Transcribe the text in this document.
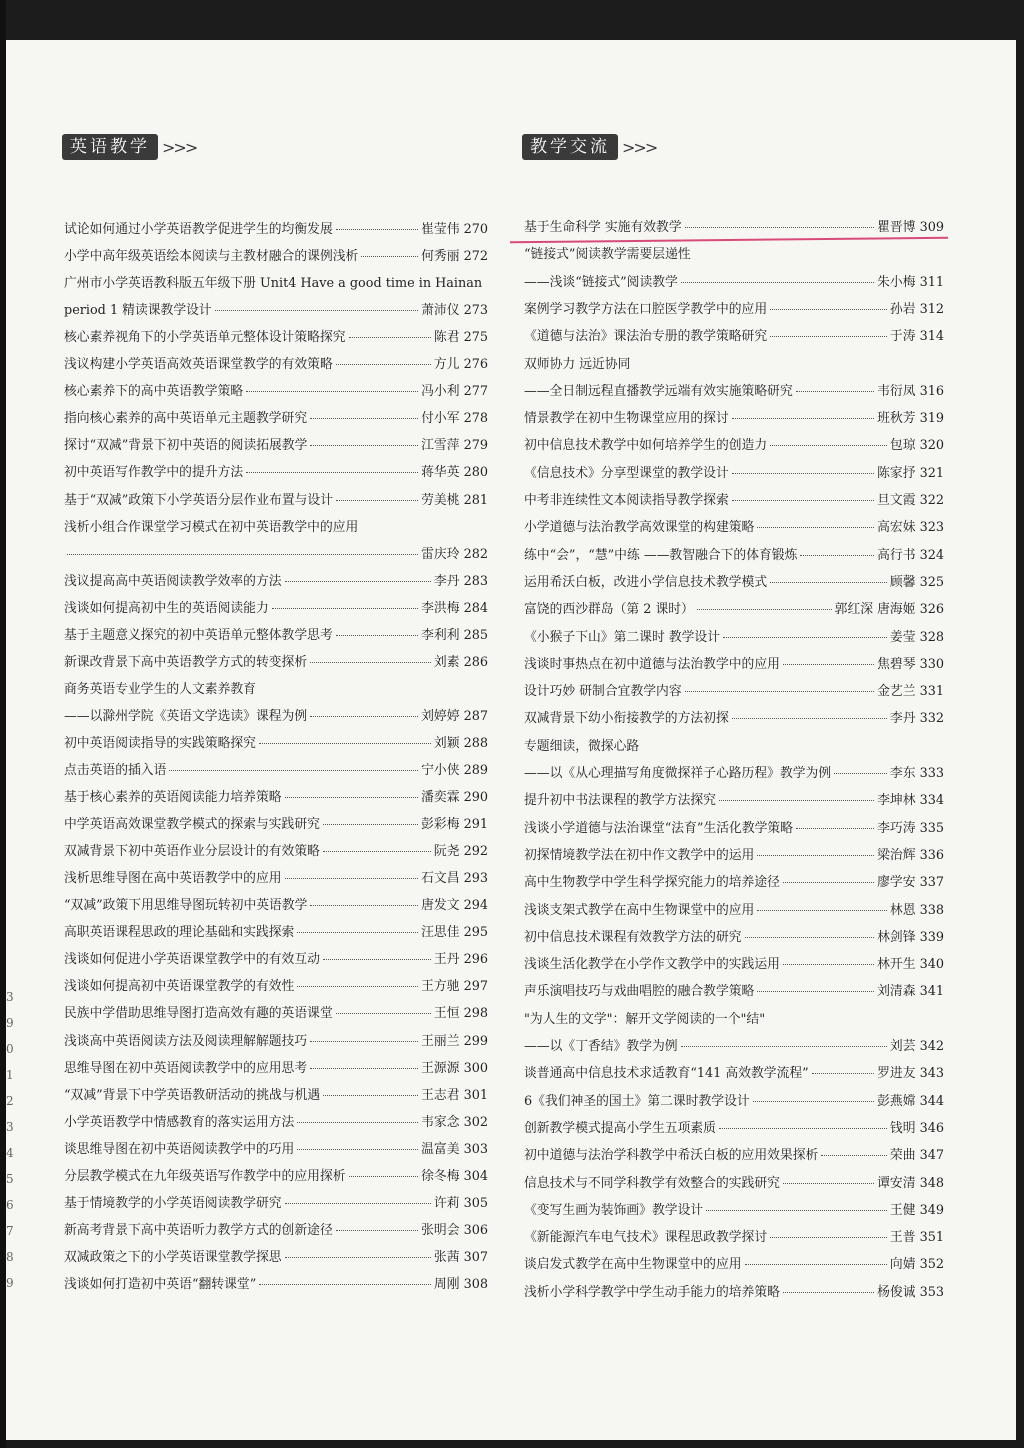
3
9
0
1
2
3
4
5
6
7
8
9
英语教学 >>>	教学交流 >>>
试论如何通过小学英语教学促进学生的均衡发展	崔莹伟 270
小学中高年级英语绘本阅读与主教材融合的课例浅析	何秀丽 272
广州市小学英语教科版五年级下册 Unit4 Have a good time in Hainan
period 1 精读课教学设计	萧沛仪 273
核心素养视角下的小学英语单元整体设计策略探究	陈君 275
浅议构建小学英语高效英语课堂教学的有效策略	方儿 276
核心素养下的高中英语教学策略	冯小利 277
指向核心素养的高中英语单元主题教学研究	付小军 278
探讨“双减”背景下初中英语的阅读拓展教学	江雪萍 279
初中英语写作教学中的提升方法	蒋华英 280
基于“双减”政策下小学英语分层作业布置与设计	劳美桃 281
浅析小组合作课堂学习模式在初中英语教学中的应用
雷庆玲 282
浅议提高高中英语阅读教学效率的方法	李丹 283
浅谈如何提高初中生的英语阅读能力	李洪梅 284
基于主题意义探究的初中英语单元整体教学思考	李利利 285
新课改背景下高中英语教学方式的转变探析	刘素 286
商务英语专业学生的人文素养教育
——以滁州学院《英语文学选读》课程为例	刘婷婷 287
初中英语阅读指导的实践策略探究	刘颖 288
点击英语的插入语	宁小侠 289
基于核心素养的英语阅读能力培养策略	潘奕霖 290
中学英语高效课堂教学模式的探索与实践研究	彭彩梅 291
双减背景下初中英语作业分层设计的有效策略	阮尧 292
浅析思维导图在高中英语教学中的应用	石文昌 293
“双减”政策下用思维导图玩转初中英语教学	唐发文 294
高职英语课程思政的理论基础和实践探索	汪思佳 295
浅谈如何促进小学英语课堂教学中的有效互动	王丹 296
浅谈如何提高初中英语课堂教学的有效性	王方驰 297
民族中学借助思维导图打造高效有趣的英语课堂	王恒 298
浅谈高中英语阅读方法及阅读理解解题技巧	王丽兰 299
思维导图在初中英语阅读教学中的应用思考	王源源 300
“双减”背景下中学英语教研活动的挑战与机遇	王志君 301
小学英语教学中情感教育的落实运用方法	韦家念 302
谈思维导图在初中英语阅读教学中的巧用	温富美 303
分层教学模式在九年级英语写作教学中的应用探析	徐冬梅 304
基于情境教学的小学英语阅读教学研究	许莉 305
新高考背景下高中英语听力教学方式的创新途径	张明会 306
双减政策之下的小学英语课堂教学探思	张茜 307
浅谈如何打造初中英语“翻转课堂”	周刚 308
基于生命科学 实施有效教学	瞿晋博 309
“链接式”阅读教学需要层递性
——浅谈“链接式”阅读教学	朱小梅 311
案例学习教学方法在口腔医学教学中的应用	孙岩 312
《道德与法治》课法治专册的教学策略研究	于涛 314
双师协力 远近协同
——全日制远程直播教学远端有效实施策略研究	韦衍凤 316
情景教学在初中生物课堂应用的探讨	班秋芳 319
初中信息技术教学中如何培养学生的创造力	包琼 320
《信息技术》分享型课堂的教学设计	陈家抒 321
中考非连续性文本阅读指导教学探索	旦文霞 322
小学道德与法治教学高效课堂的构建策略	高宏妹 323
练中“会”，“慧”中练 ——教智融合下的体育锻炼	高行书 324
运用希沃白板，改进小学信息技术教学模式	顾馨 325
富饶的西沙群岛（第 2 课时）	郭红深 唐海姬 326
《小猴子下山》第二课时 教学设计	姜莹 328
浅谈时事热点在初中道德与法治教学中的应用	焦碧琴 330
设计巧妙 研制合宜教学内容	金艺兰 331
双减背景下幼小衔接教学的方法初探	李丹 332
专题细读，微探心路
——以《从心理描写角度微探祥子心路历程》教学为例	李东 333
提升初中书法课程的教学方法探究	李坤林 334
浅谈小学道德与法治课堂“法育”生活化教学策略	李巧涛 335
初探情境教学法在初中作文教学中的运用	梁治辉 336
高中生物教学中学生科学探究能力的培养途径	廖学安 337
浅谈支架式教学在高中生物课堂中的应用	林恩 338
初中信息技术课程有效教学方法的研究	林剑锋 339
浅谈生活化教学在小学作文教学中的实践运用	林开生 340
声乐演唱技巧与戏曲唱腔的融合教学策略	刘清森 341
"为人生的文学"：解开文学阅读的一个"结"
——以《丁香结》教学为例	刘芸 342
谈普通高中信息技术求适教育“141 高效教学流程”	罗进友 343
6《我们神圣的国土》第二课时教学设计	彭燕嫦 344
创新教学模式提高小学生五项素质	钱明 346
初中道德与法治学科教学中希沃白板的应用效果探析	荣曲 347
信息技术与不同学科教学有效整合的实践研究	谭安清 348
《变写生画为装饰画》教学设计	王健 349
《新能源汽车电气技术》课程思政教学探讨	王普 351
谈启发式教学在高中生物课堂中的应用	向婧 352
浅析小学科学教学中学生动手能力的培养策略	杨俊诚 353
